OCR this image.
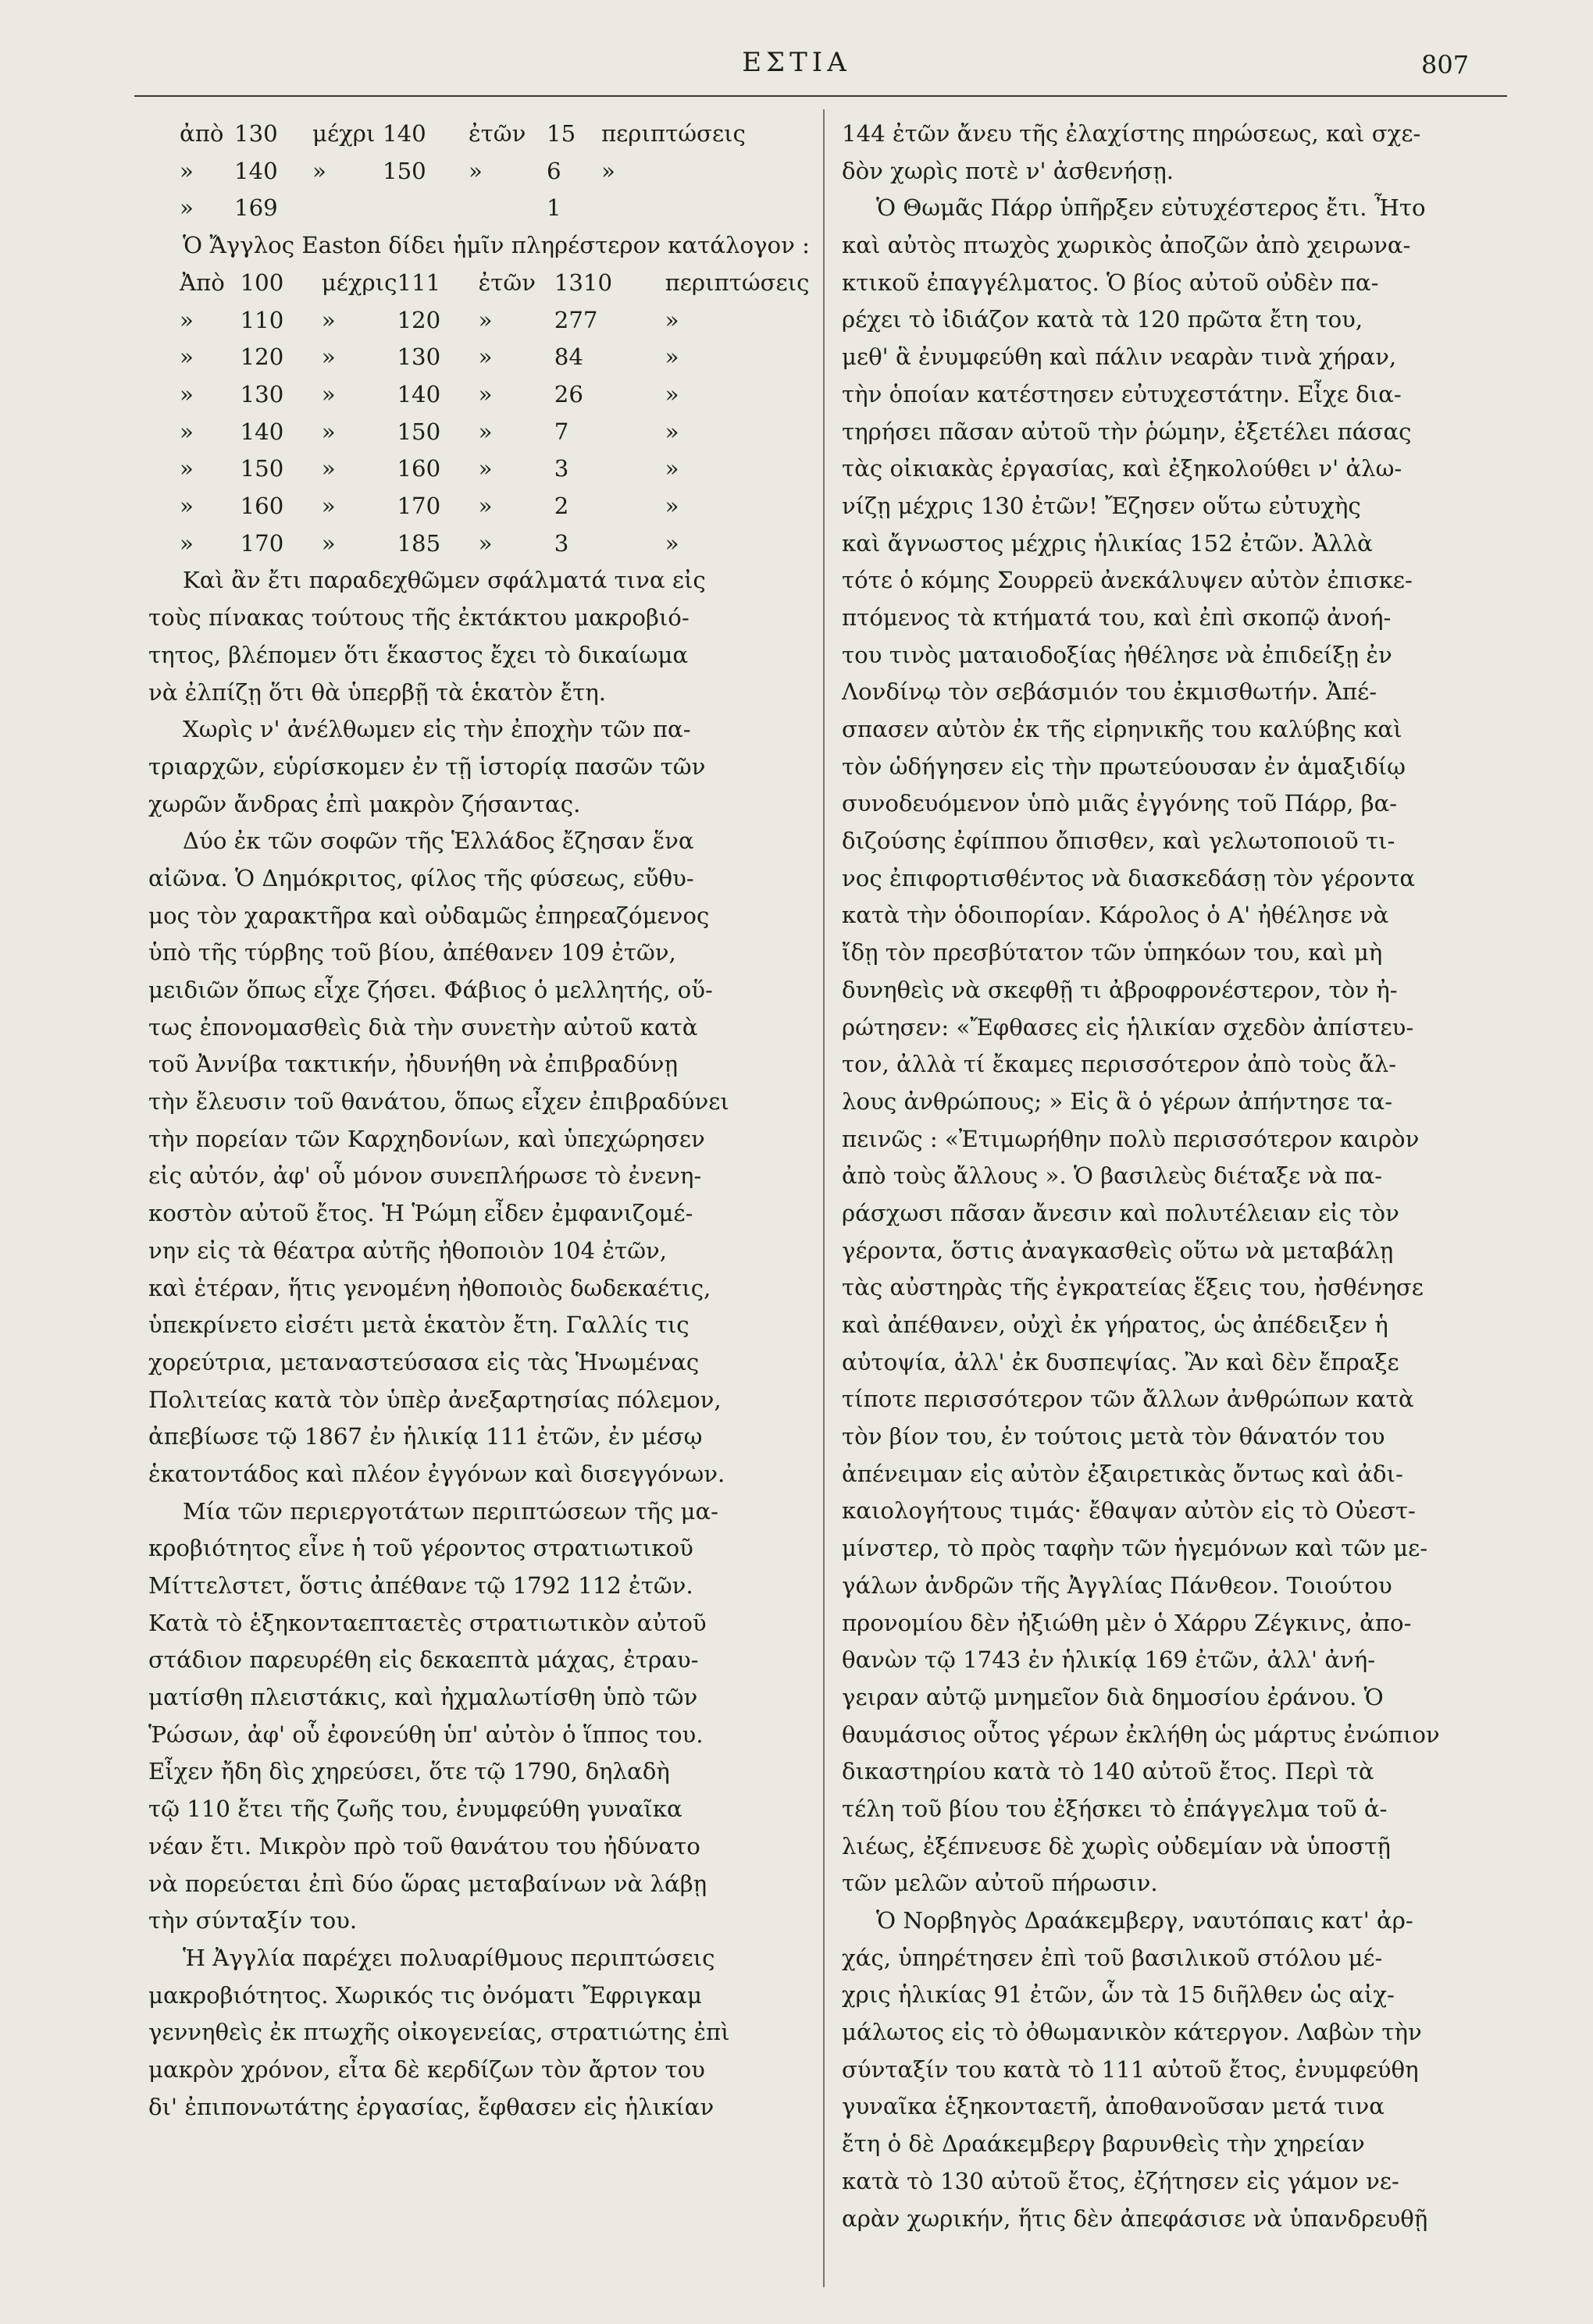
ΕΣΤΙΑ	807
ἀπὸ	130	μέχρι	140	ἐτῶν	15	περιπτώσεις
»	140	»	150	»	6	»
»	169				1	
Ὁ Ἄγγλος Easton δίδει ἡμῖν πληρέστερον κατάλογον :
Ἀπὸ	100	μέχρις	111	ἐτῶν	1310	περιπτώσεις
»	110	»	120	»	277	»
»	120	»	130	»	84	»
»	130	»	140	»	26	»
»	140	»	150	»	7	»
»	150	»	160	»	3	»
»	160	»	170	»	2	»
»	170	»	185	»	3	»
Καὶ ἂν ἔτι παραδεχθῶμεν σφάλματά τινα εἰς
τοὺς πίνακας τούτους τῆς ἐκτάκτου μακροβιό-
τητος, βλέπομεν ὅτι ἕκαστος ἔχει τὸ δικαίωμα
νὰ ἐλπίζῃ ὅτι θὰ ὑπερβῇ τὰ ἑκατὸν ἔτη.
Χωρὶς ν' ἀνέλθωμεν εἰς τὴν ἐποχὴν τῶν πα-
τριαρχῶν, εὑρίσκομεν ἐν τῇ ἱστορίᾳ πασῶν τῶν
χωρῶν ἄνδρας ἐπὶ μακρὸν ζήσαντας.
Δύο ἐκ τῶν σοφῶν τῆς Ἑλλάδος ἔζησαν ἕνα
αἰῶνα. Ὁ Δημόκριτος, φίλος τῆς φύσεως, εὔθυ-
μος τὸν χαρακτῆρα καὶ οὐδαμῶς ἐπηρεαζόμενος
ὑπὸ τῆς τύρβης τοῦ βίου, ἀπέθανεν 109 ἐτῶν,
μειδιῶν ὅπως εἶχε ζήσει. Φάβιος ὁ μελλητής, οὕ-
τως ἐπονομασθεὶς διὰ τὴν συνετὴν αὐτοῦ κατὰ
τοῦ Ἀννίβα τακτικήν, ἠδυνήθη νὰ ἐπιβραδύνῃ
τὴν ἔλευσιν τοῦ θανάτου, ὅπως εἶχεν ἐπιβραδύνει
τὴν πορείαν τῶν Καρχηδονίων, καὶ ὑπεχώρησεν
εἰς αὐτόν, ἀφ' οὗ μόνον συνεπλήρωσε τὸ ἐνενη-
κοστὸν αὐτοῦ ἔτος. Ἡ Ῥώμη εἶδεν ἐμφανιζομέ-
νην εἰς τὰ θέατρα αὐτῆς ἠθοποιὸν 104 ἐτῶν,
καὶ ἑτέραν, ἥτις γενομένη ἠθοποιὸς δωδεκαέτις,
ὑπεκρίνετο εἰσέτι μετὰ ἑκατὸν ἔτη. Γαλλίς τις
χορεύτρια, μεταναστεύσασα εἰς τὰς Ἡνωμένας
Πολιτείας κατὰ τὸν ὑπὲρ ἀνεξαρτησίας πόλεμον,
ἀπεβίωσε τῷ 1867 ἐν ἡλικίᾳ 111 ἐτῶν, ἐν μέσῳ
ἑκατοντάδος καὶ πλέον ἐγγόνων καὶ δισεγγόνων.
Μία τῶν περιεργοτάτων περιπτώσεων τῆς μα-
κροβιότητος εἶνε ἡ τοῦ γέροντος στρατιωτικοῦ
Μίττελστετ, ὅστις ἀπέθανε τῷ 1792 112 ἐτῶν.
Κατὰ τὸ ἑξηκονταεπταετὲς στρατιωτικὸν αὐτοῦ
στάδιον παρευρέθη εἰς δεκαεπτὰ μάχας, ἐτραυ-
ματίσθη πλειστάκις, καὶ ἠχμαλωτίσθη ὑπὸ τῶν
Ῥώσων, ἀφ' οὗ ἐφονεύθη ὑπ' αὐτὸν ὁ ἵππος του.
Εἶχεν ἤδη δὶς χηρεύσει, ὅτε τῷ 1790, δηλαδὴ
τῷ 110 ἔτει τῆς ζωῆς του, ἐνυμφεύθη γυναῖκα
νέαν ἔτι. Μικρὸν πρὸ τοῦ θανάτου του ἠδύνατο
νὰ πορεύεται ἐπὶ δύο ὥρας μεταβαίνων νὰ λάβῃ
τὴν σύνταξίν του.
Ἡ Ἀγγλία παρέχει πολυαρίθμους περιπτώσεις
μακροβιότητος. Χωρικός τις ὀνόματι Ἔφριγκαμ
γεννηθεὶς ἐκ πτωχῆς οἰκογενείας, στρατιώτης ἐπὶ
μακρὸν χρόνον, εἶτα δὲ κερδίζων τὸν ἄρτον του
δι' ἐπιπονωτάτης ἐργασίας, ἔφθασεν εἰς ἡλικίαν
144 ἐτῶν ἄνευ τῆς ἐλαχίστης πηρώσεως, καὶ σχε-
δὸν χωρὶς ποτὲ ν' ἀσθενήσῃ.
Ὁ Θωμᾶς Πάρρ ὑπῆρξεν εὐτυχέστερος ἔτι. Ἦτο
καὶ αὐτὸς πτωχὸς χωρικὸς ἀποζῶν ἀπὸ χειρωνα-
κτικοῦ ἐπαγγέλματος. Ὁ βίος αὐτοῦ οὐδὲν πα-
ρέχει τὸ ἰδιάζον κατὰ τὰ 120 πρῶτα ἔτη του,
μεθ' ἃ ἐνυμφεύθη καὶ πάλιν νεαρὰν τινὰ χήραν,
τὴν ὁποίαν κατέστησεν εὐτυχεστάτην. Εἶχε δια-
τηρήσει πᾶσαν αὐτοῦ τὴν ῥώμην, ἐξετέλει πάσας
τὰς οἰκιακὰς ἐργασίας, καὶ ἐξηκολούθει ν' ἀλω-
νίζῃ μέχρις 130 ἐτῶν! Ἔζησεν οὕτω εὐτυχὴς
καὶ ἄγνωστος μέχρις ἡλικίας 152 ἐτῶν. Ἀλλὰ
τότε ὁ κόμης Σουρρεϋ ἀνεκάλυψεν αὐτὸν ἐπισκε-
πτόμενος τὰ κτήματά του, καὶ ἐπὶ σκοπῷ ἀνοή-
του τινὸς ματαιοδοξίας ἠθέλησε νὰ ἐπιδείξῃ ἐν
Λονδίνῳ τὸν σεβάσμιόν του ἐκμισθωτήν. Ἀπέ-
σπασεν αὐτὸν ἐκ τῆς εἰρηνικῆς του καλύβης καὶ
τὸν ὡδήγησεν εἰς τὴν πρωτεύουσαν ἐν ἁμαξιδίῳ
συνοδευόμενον ὑπὸ μιᾶς ἐγγόνης τοῦ Πάρρ, βα-
διζούσης ἐφίππου ὄπισθεν, καὶ γελωτοποιοῦ τι-
νος ἐπιφορτισθέντος νὰ διασκεδάσῃ τὸν γέροντα
κατὰ τὴν ὁδοιπορίαν. Κάρολος ὁ Α' ἠθέλησε νὰ
ἴδῃ τὸν πρεσβύτατον τῶν ὑπηκόων του, καὶ μὴ
δυνηθεὶς νὰ σκεφθῇ τι ἀβροφρονέστερον, τὸν ἠ-
ρώτησεν: «Ἔφθασες εἰς ἡλικίαν σχεδὸν ἀπίστευ-
τον, ἀλλὰ τί ἔκαμες περισσότερον ἀπὸ τοὺς ἄλ-
λους ἀνθρώπους; » Εἰς ἃ ὁ γέρων ἀπήντησε τα-
πεινῶς : «Ἐτιμωρήθην πολὺ περισσότερον καιρὸν
ἀπὸ τοὺς ἄλλους ». Ὁ βασιλεὺς διέταξε νὰ πα-
ράσχωσι πᾶσαν ἄνεσιν καὶ πολυτέλειαν εἰς τὸν
γέροντα, ὅστις ἀναγκασθεὶς οὕτω νὰ μεταβάλῃ
τὰς αὐστηρὰς τῆς ἐγκρατείας ἕξεις του, ἠσθένησε
καὶ ἀπέθανεν, οὐχὶ ἐκ γήρατος, ὡς ἀπέδειξεν ἡ
αὐτοψία, ἀλλ' ἐκ δυσπεψίας. Ἂν καὶ δὲν ἔπραξε
τίποτε περισσότερον τῶν ἄλλων ἀνθρώπων κατὰ
τὸν βίον του, ἐν τούτοις μετὰ τὸν θάνατόν του
ἀπένειμαν εἰς αὐτὸν ἐξαιρετικὰς ὄντως καὶ ἀδι-
καιολογήτους τιμάς· ἔθαψαν αὐτὸν εἰς τὸ Οὐεστ-
μίνστερ, τὸ πρὸς ταφὴν τῶν ἡγεμόνων καὶ τῶν με-
γάλων ἀνδρῶν τῆς Ἀγγλίας Πάνθεον. Τοιούτου
προνομίου δὲν ἠξιώθη μὲν ὁ Χάρρυ Ζέγκινς, ἀπο-
θανὼν τῷ 1743 ἐν ἡλικίᾳ 169 ἐτῶν, ἀλλ' ἀνή-
γειραν αὐτῷ μνημεῖον διὰ δημοσίου ἐράνου. Ὁ
θαυμάσιος οὗτος γέρων ἐκλήθη ὡς μάρτυς ἐνώπιον
δικαστηρίου κατὰ τὸ 140 αὐτοῦ ἔτος. Περὶ τὰ
τέλη τοῦ βίου του ἐξήσκει τὸ ἐπάγγελμα τοῦ ἁ-
λιέως, ἐξέπνευσε δὲ χωρὶς οὐδεμίαν νὰ ὑποστῇ
τῶν μελῶν αὐτοῦ πήρωσιν.
Ὁ Νορβηγὸς Δραάκεμβεργ, ναυτόπαις κατ' ἀρ-
χάς, ὑπηρέτησεν ἐπὶ τοῦ βασιλικοῦ στόλου μέ-
χρις ἡλικίας 91 ἐτῶν, ὧν τὰ 15 διῆλθεν ὡς αἰχ-
μάλωτος εἰς τὸ ὀθωμανικὸν κάτεργον. Λαβὼν τὴν
σύνταξίν του κατὰ τὸ 111 αὐτοῦ ἔτος, ἐνυμφεύθη
γυναῖκα ἑξηκονταετῆ, ἀποθανοῦσαν μετά τινα
ἔτη ὁ δὲ Δραάκεμβεργ βαρυνθεὶς τὴν χηρείαν
κατὰ τὸ 130 αὐτοῦ ἔτος, ἐζήτησεν εἰς γάμον νε-
αρὰν χωρικήν, ἥτις δὲν ἀπεφάσισε νὰ ὑπανδρευθῇ
